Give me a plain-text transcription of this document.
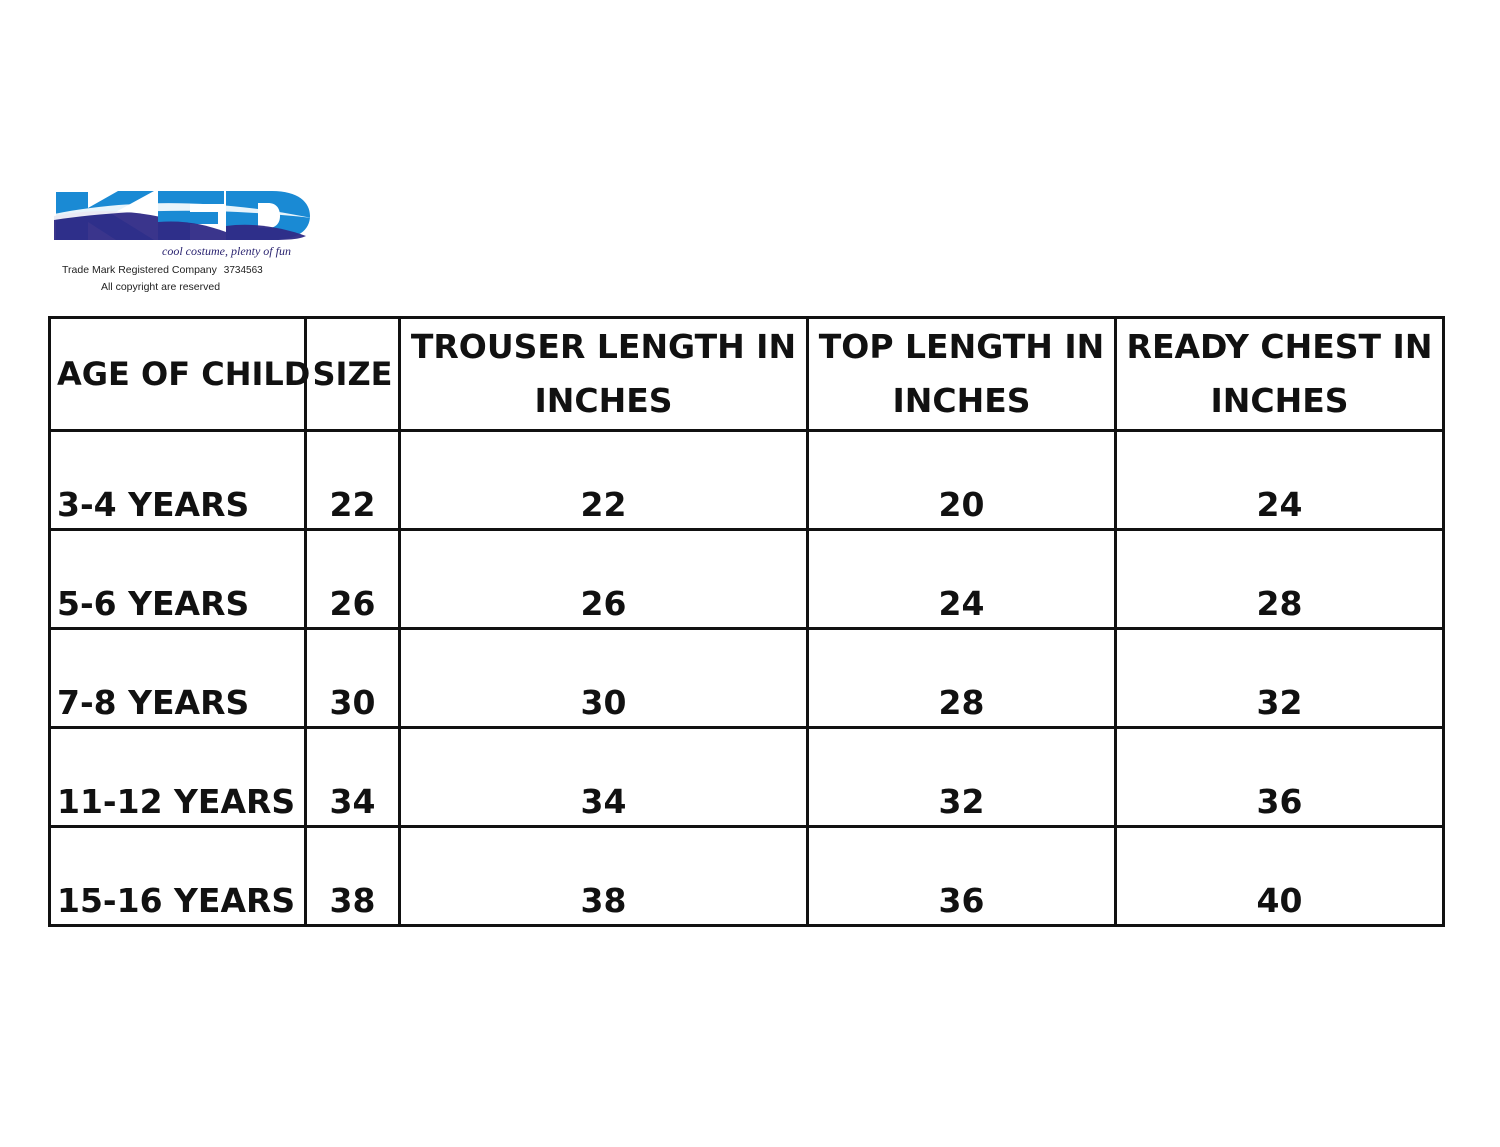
cool costume, plenty of fun
Trade Mark Registered Company 3734563
All copyright are reserved
AGE OF CHILD	SIZE	TROUSER LENGTH IN INCHES	TOP LENGTH IN INCHES	READY CHEST IN INCHES
3-4 YEARS	22	22	20	24
5-6 YEARS	26	26	24	28
7-8 YEARS	30	30	28	32
11-12 YEARS	34	34	32	36
15-16 YEARS	38	38	36	40
